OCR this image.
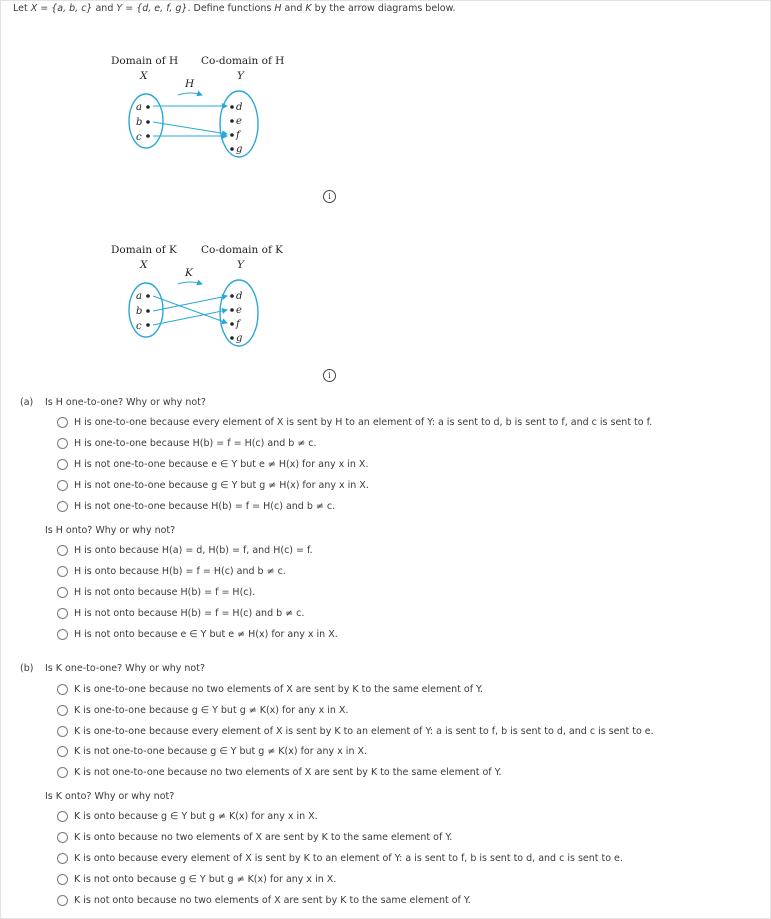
Let X = {a, b, c} and Y = {d, e, f, g}. Define functions H and K by the arrow diagrams below.
Domain of H Co-domain of H
X	Y
H
a
b
c
d
e
f
g
i
Domain of K Co-domain of K
X	Y
K
a
b
c
d
e
f
g
i
(a) Is H one-to-one? Why or why not?
H is one-to-one because every element of X is sent by H to an element of Y: a is sent to d, b is sent to f, and c is sent to f.
H is one-to-one because H(b) = f = H(c) and b ≠ c.
H is not one-to-one because e ∈ Y but e ≠ H(x) for any x in X.
H is not one-to-one because g ∈ Y but g ≠ H(x) for any x in X.
H is not one-to-one because H(b) = f = H(c) and b ≠ c.
Is H onto? Why or why not?
H is onto because H(a) = d, H(b) = f, and H(c) = f.
H is onto because H(b) = f = H(c) and b ≠ c.
H is not onto because H(b) = f = H(c).
H is not onto because H(b) = f = H(c) and b ≠ c.
H is not onto because e ∈ Y but e ≠ H(x) for any x in X.
(b) Is K one-to-one? Why or why not?
K is one-to-one because no two elements of X are sent by K to the same element of Y.
K is one-to-one because g ∈ Y but g ≠ K(x) for any x in X.
K is one-to-one because every element of X is sent by K to an element of Y: a is sent to f, b is sent to d, and c is sent to e.
K is not one-to-one because g ∈ Y but g ≠ K(x) for any x in X.
K is not one-to-one because no two elements of X are sent by K to the same element of Y.
Is K onto? Why or why not?
K is onto because g ∈ Y but g ≠ K(x) for any x in X.
K is onto because no two elements of X are sent by K to the same element of Y.
K is onto because every element of X is sent by K to an element of Y: a is sent to f, b is sent to d, and c is sent to e.
K is not onto because g ∈ Y but g ≠ K(x) for any x in X.
K is not onto because no two elements of X are sent by K to the same element of Y.
